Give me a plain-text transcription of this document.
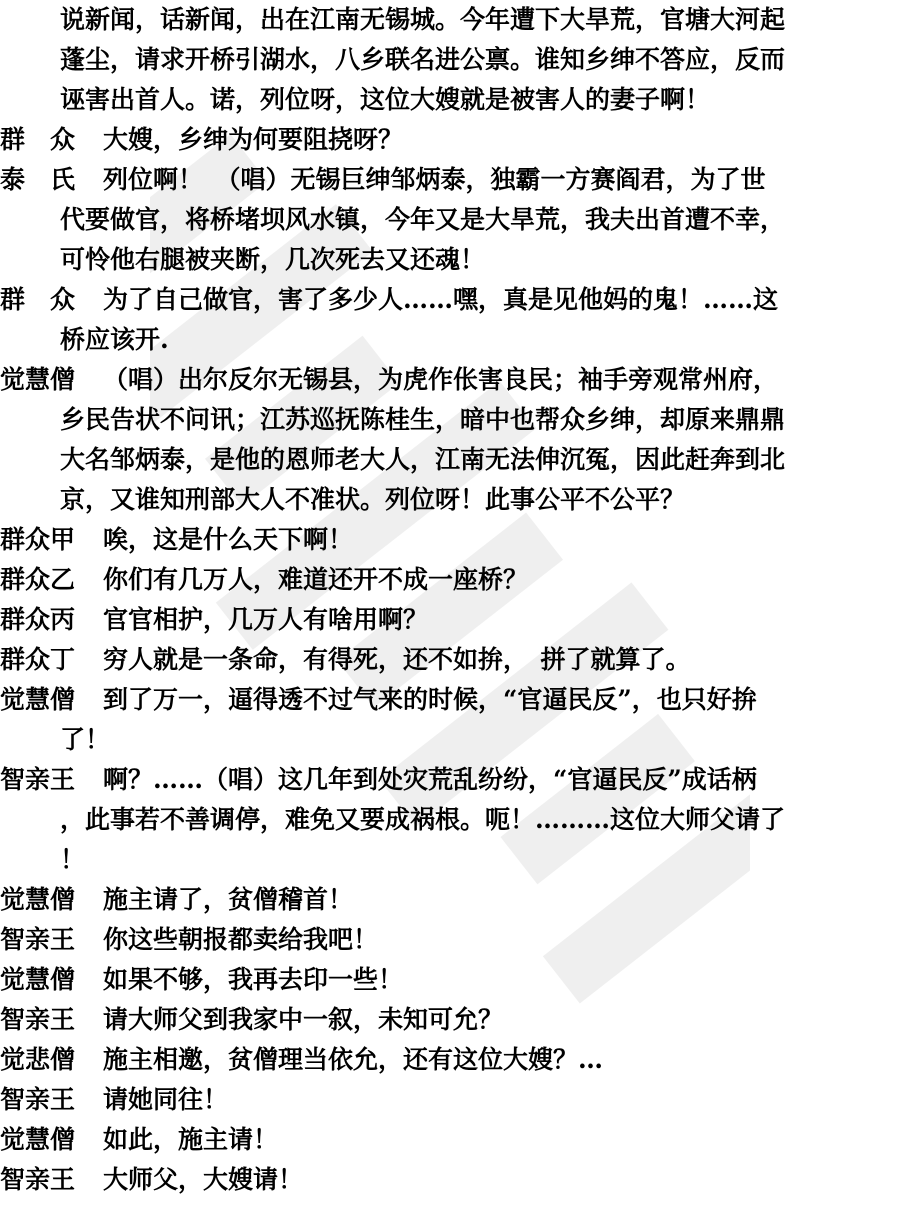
说新闻，话新闻，出在江南无锡城。今年遭下大旱荒，官塘大河起
蓬尘，请求开桥引湖水，八乡联名进公禀。谁知乡绅不答应，反而
诬害出首人。诺，列位呀，这位大嫂就是被害人的妻子啊！
群　众 大嫂，乡绅为何要阻挠呀？
泰　氏 列位啊！　（唱）无锡巨绅邹炳泰，独霸一方赛阎君，为了世
代要做官，将桥堵坝风水镇，今年又是大旱荒，我夫出首遭不幸，
可怜他右腿被夹断，几次死去又还魂！
群　众 为了自己做官，害了多少人……嘿，真是见他妈的鬼！……这
桥应该开.
觉慧僧 （唱）出尔反尔无锡县，为虎作伥害良民；袖手旁观常州府，
乡民告状不问讯；江苏巡抚陈桂生，暗中也帮众乡绅，却原来鼎鼎
大名邹炳泰，是他的恩师老大人，江南无法伸沉冤，因此赶奔到北
京，又谁知刑部大人不准状。列位呀！此事公平不公平？
群众甲 唉，这是什么天下啊！
群众乙 你们有几万人，难道还开不成一座桥？
群众丙 官官相护，几万人有啥用啊？
群众丁 穷人就是一条命，有得死，还不如拚，　拼了就算了。
觉慧僧 到了万一，逼得透不过气来的时候，“官逼民反”，也只好拚
了！
智亲王 啊？……（唱）这几年到处灾荒乱纷纷，“官逼民反”成话柄
，此事若不善调停，难免又要成祸根。呃！………这位大师父请了
！
觉慧僧 施主请了，贫僧稽首！
智亲王 你这些朝报都卖给我吧！
觉慧僧 如果不够，我再去印一些！
智亲王 请大师父到我家中一叙，未知可允？
觉悲僧 施主相邀，贫僧理当依允，还有这位大嫂？…
智亲王 请她同往！
觉慧僧 如此，施主请！
智亲王 大师父，大嫂请！
